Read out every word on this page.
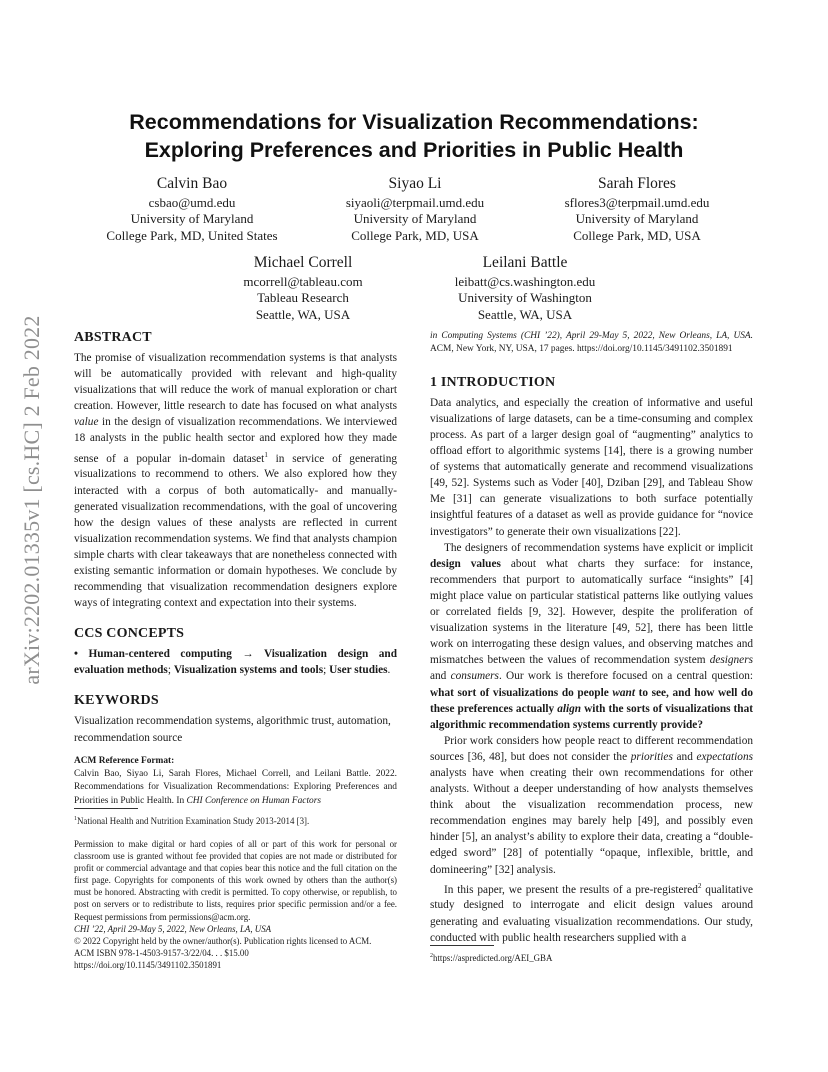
arXiv:2202.01335v1 [cs.HC] 2 Feb 2022
Recommendations for Visualization Recommendations:
Exploring Preferences and Priorities in Public Health
Calvin Bao
csbao@umd.edu
University of Maryland
College Park, MD, United States
Siyao Li
siyaoli@terpmail.umd.edu
University of Maryland
College Park, MD, USA
Sarah Flores
sflores3@terpmail.umd.edu
University of Maryland
College Park, MD, USA
Michael Correll
mcorrell@tableau.com
Tableau Research
Seattle, WA, USA
Leilani Battle
leibatt@cs.washington.edu
University of Washington
Seattle, WA, USA
ABSTRACT

The promise of visualization recommendation systems is that analysts will be automatically provided with relevant and high-quality visualizations that will reduce the work of manual exploration or chart creation. However, little research to date has focused on what analysts value in the design of visualization recommendations. We interviewed 18 analysts in the public health sector and explored how they made sense of a popular in-domain dataset$^1$ in service of generating visualizations to recommend to others. We also explored how they interacted with a corpus of both automatically- and manually-generated visualization recommendations, with the goal of uncovering how the design values of these analysts are reflected in current visualization recommendation systems. We find that analysts champion simple charts with clear takeaways that are nonetheless connected with existing semantic information or domain hypotheses. We conclude by recommending that visualization recommendation designers explore ways of integrating context and expectation into their systems.

CCS CONCEPTS

• Human-centered computing → Visualization design and evaluation methods; Visualization systems and tools; User studies.

KEYWORDS

Visualization recommendation systems, algorithmic trust, automation, recommendation source

ACM Reference Format:

Calvin Bao, Siyao Li, Sarah Flores, Michael Correll, and Leilani Battle. 2022. Recommendations for Visualization Recommendations: Exploring Preferences and Priorities in Public Health. In CHI Conference on Human Factors

$^1$National Health and Nutrition Examination Study 2013-2014 [3].
Permission to make digital or hard copies of all or part of this work for personal or classroom use is granted without fee provided that copies are not made or distributed for profit or commercial advantage and that copies bear this notice and the full citation on the first page. Copyrights for components of this work owned by others than the author(s) must be honored. Abstracting with credit is permitted. To copy otherwise, or republish, to post on servers or to redistribute to lists, requires prior specific permission and/or a fee. Request permissions from permissions@acm.org.
CHI ’22, April 29-May 5, 2022, New Orleans, LA, USA
© 2022 Copyright held by the owner/author(s). Publication rights licensed to ACM.
ACM ISBN 978-1-4503-9157-3/22/04. . . $15.00
https://doi.org/10.1145/3491102.3501891

in Computing Systems (CHI ’22), April 29-May 5, 2022, New Orleans, LA, USA. ACM, New York, NY, USA, 17 pages. https://doi.org/10.1145/3491102.3501891

1 INTRODUCTION

Data analytics, and especially the creation of informative and useful visualizations of large datasets, can be a time-consuming and complex process. As part of a larger design goal of “augmenting” analytics to offload effort to algorithmic systems [14], there is a growing number of systems that automatically generate and recommend visualizations [49, 52]. Systems such as Voder [40], Dziban [29], and Tableau Show Me [31] can generate visualizations to both surface potentially insightful features of a dataset as well as provide guidance for “novice investigators” to generate their own visualizations [22].

The designers of recommendation systems have explicit or implicit design values about what charts they surface: for instance, recommenders that purport to automatically surface “insights” [4] might place value on particular statistical patterns like outlying values or correlated fields [9, 32]. However, despite the proliferation of visualization systems in the literature [49, 52], there has been little work on interrogating these design values, and observing matches and mismatches between the values of recommendation system designers and consumers. Our work is therefore focused on a central question: what sort of visualizations do people want to see, and how well do these preferences actually align with the sorts of visualizations that algorithmic recommendation systems currently provide?

Prior work considers how people react to different recommendation sources [36, 48], but does not consider the priorities and expectations analysts have when creating their own recommendations for other analysts. Without a deeper understanding of how analysts themselves think about the visualization recommendation process, new recommendation engines may barely help [49], and possibly even hinder [5], an analyst’s ability to explore their data, creating a “double-edged sword” [28] of potentially “opaque, inflexible, brittle, and domineering” [32] analysis.

In this paper, we present the results of a pre-registered$^2$ qualitative study designed to interrogate and elicit design values around generating and evaluating visualization recommendations. Our study, conducted with public health researchers supplied with a

$^2$https://aspredicted.org/AEI_GBA
